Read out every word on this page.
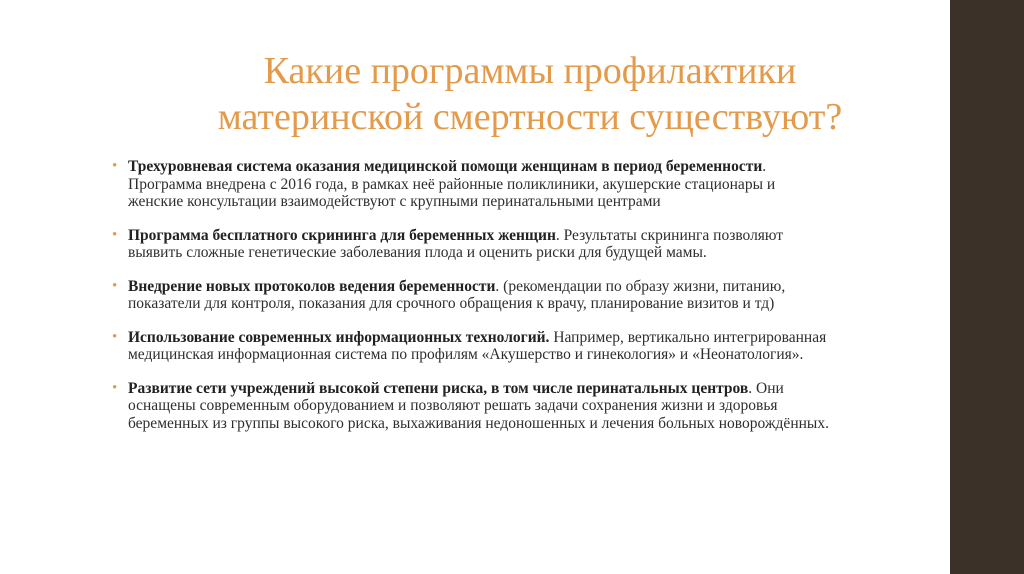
Какие программы профилактики материнской смертности существуют?
• Трехуровневая система оказания медицинской помощи женщинам в период беременности. Программа внедрена с 2016 года, в рамках неё районные поликлиники, акушерские стационары и женские консультации взаимодействуют с крупными перинатальными центрами
• Программа бесплатного скрининга для беременных женщин. Результаты скрининга позволяют выявить сложные генетические заболевания плода и оценить риски для будущей мамы.
• Внедрение новых протоколов ведения беременности. (рекомендации по образу жизни, питанию, показатели для контроля, показания для срочного обращения к врачу, планирование визитов и тд)
• Использование современных информационных технологий. Например, вертикально интегрированная медицинская информационная система по профилям «Акушерство и гинекология» и «Неонатология».
• Развитие сети учреждений высокой степени риска, в том числе перинатальных центров. Они оснащены современным оборудованием и позволяют решать задачи сохранения жизни и здоровья беременных из группы высокого риска, выхаживания недоношенных и лечения больных новорождённых.
